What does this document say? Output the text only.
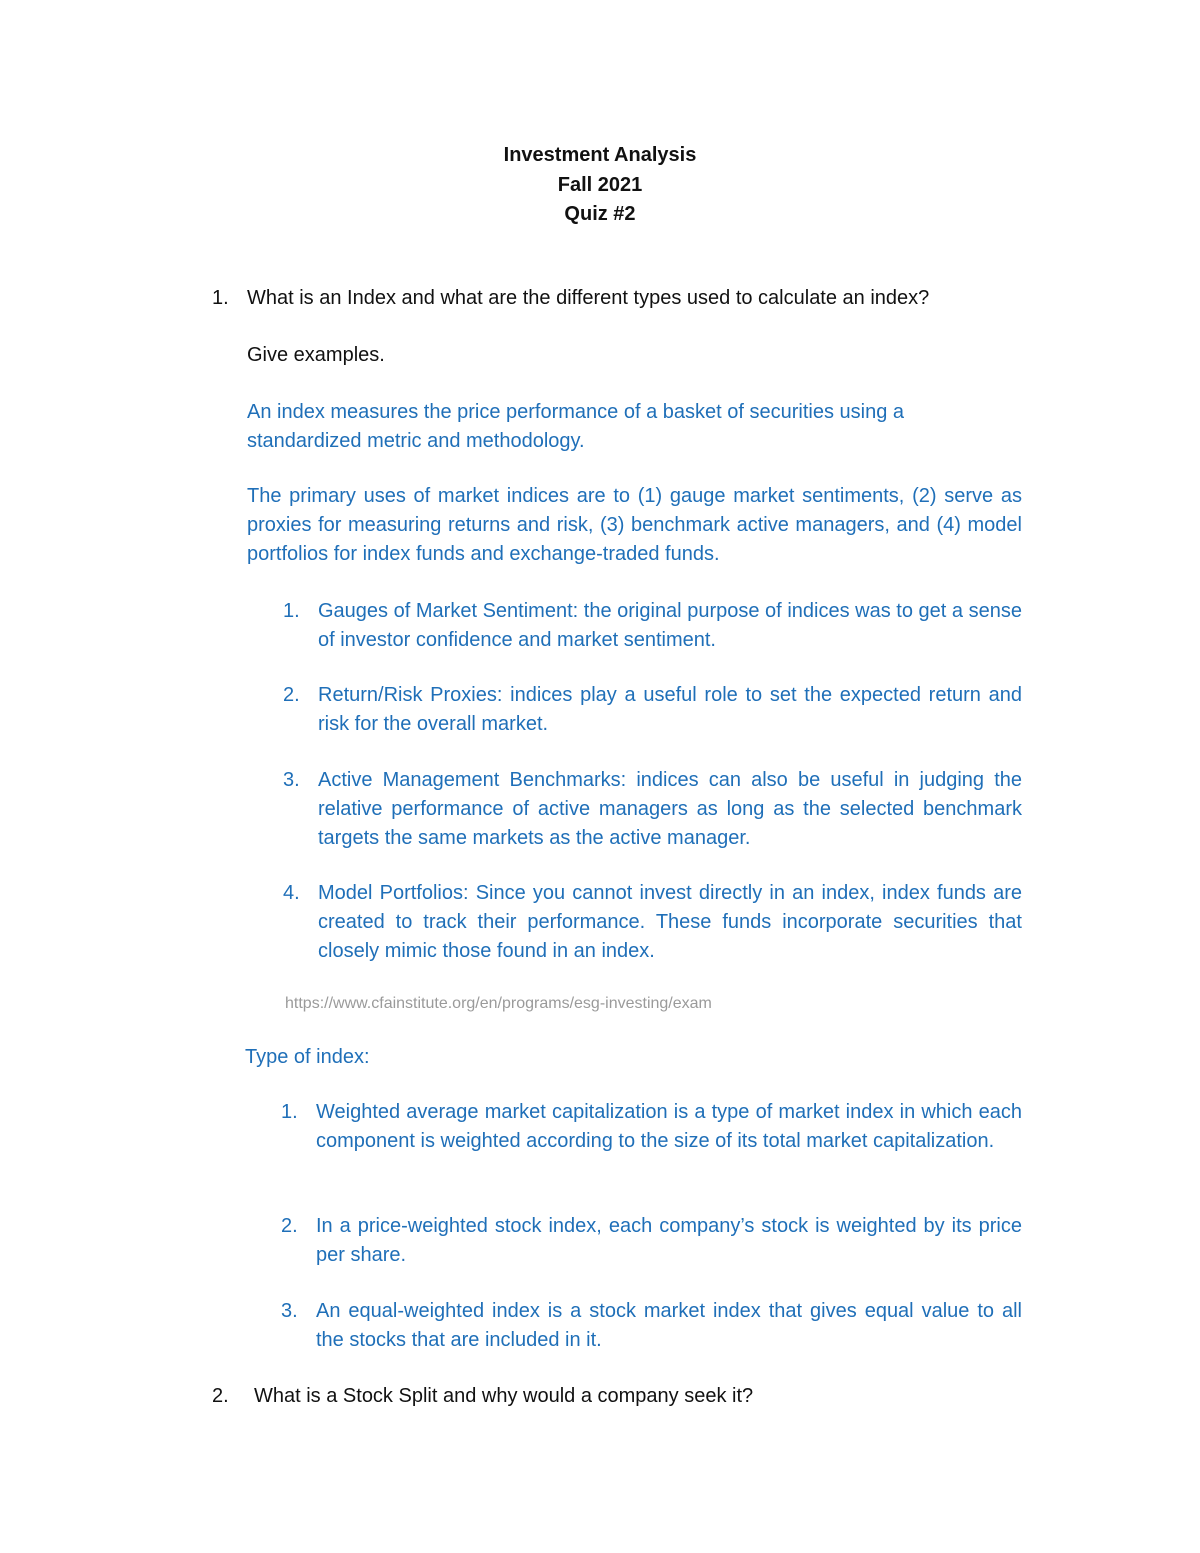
Investment Analysis
Fall 2021
Quiz #2
1. What is an Index and what are the different types used to calculate an index?
Give examples.
An index measures the price performance of a basket of securities using a standardized metric and methodology.
The primary uses of market indices are to (1) gauge market sentiments, (2) serve as proxies for measuring returns and risk, (3) benchmark active managers, and (4) model portfolios for index funds and exchange-traded funds.
1. Gauges of Market Sentiment: the original purpose of indices was to get a sense of investor confidence and market sentiment.
2. Return/Risk Proxies: indices play a useful role to set the expected return and risk for the overall market.
3. Active Management Benchmarks: indices can also be useful in judging the relative performance of active managers as long as the selected benchmark targets the same markets as the active manager.
4. Model Portfolios: Since you cannot invest directly in an index, index funds are created to track their performance. These funds incorporate securities that closely mimic those found in an index.
https://www.cfainstitute.org/en/programs/esg-investing/exam
Type of index:
1. Weighted average market capitalization is a type of market index in which each component is weighted according to the size of its total market capitalization.
2. In a price-weighted stock index, each company’s stock is weighted by its price per share.
3. An equal-weighted index is a stock market index that gives equal value to all the stocks that are included in it.
2. What is a Stock Split and why would a company seek it?
